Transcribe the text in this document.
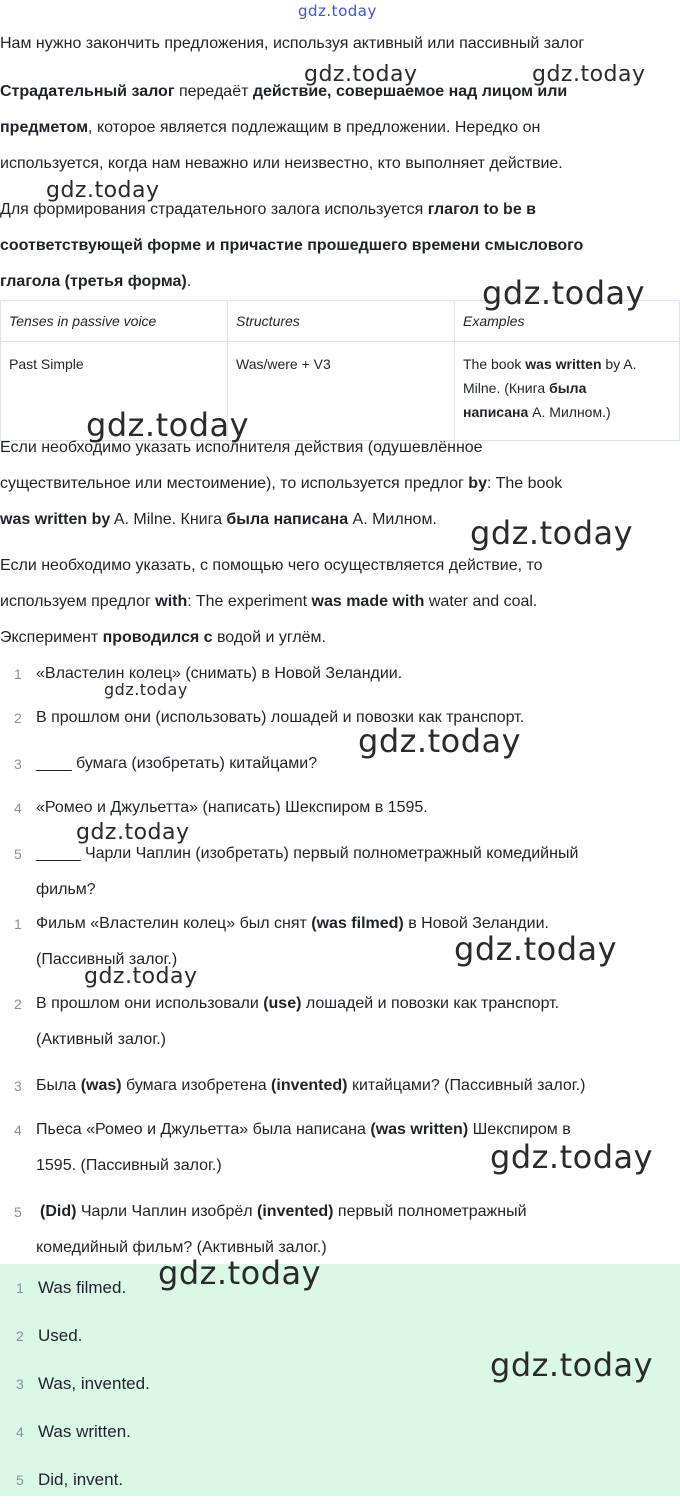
gdz.today
Нам нужно закончить предложения, используя активный или пассивный залог
Страдательный залог передаёт действие, совершаемое над лицом или
предметом, которое является подлежащим в предложении. Нередко он
используется, когда нам неважно или неизвестно, кто выполняет действие.
Для формирования страдательного залога используется глагол to be в
соответствующей форме и причастие прошедшего времени смыслового
глагола (третья форма).
Tenses in passive voice	Structures	Examples
Past Simple	Was/were + V3	The book was written by A.
Milne. (Книга была
написана А. Милном.)
Если необходимо указать исполнителя действия (одушевлённое
существительное или местоимение), то используется предлог by: The book
was written by A. Milne. Книга была написана А. Милном.
Если необходимо указать, с помощью чего осуществляется действие, то
используем предлог with: The experiment was made with water and coal.
Эксперимент проводился с водой и углём.
1 «Властелин колец» (снимать) в Новой Зеландии.
2 В прошлом они (использовать) лошадей и повозки как транспорт.
3 ____ бумага (изобретать) китайцами?
4 «Ромео и Джульетта» (написать) Шекспиром в 1595.
5 _____ Чарли Чаплин (изобретать) первый полнометражный комедийный
фильм?
1 Фильм «Властелин колец» был снят (was filmed) в Новой Зеландии.
(Пассивный залог.)
2 В прошлом они использовали (use) лошадей и повозки как транспорт.
(Активный залог.)
3 Была (was) бумага изобретена (invented) китайцами? (Пассивный залог.)
4 Пьеса «Ромео и Джульетта» была написана (was written) Шекспиром в
1595. (Пассивный залог.)
5	(Did) Чарли Чаплин изобрёл (invented) первый полнометражный
комедийный фильм? (Активный залог.)
1 Was filmed.
2 Used.
3 Was, invented.
4 Was written.
5 Did, invent.
gdz.today	gdz.today
gdz.today
gdz.today
gdz.today
gdz.today
gdz.today
gdz.today
gdz.today
gdz.today
gdz.today
gdz.today
gdz.today
gdz.today
